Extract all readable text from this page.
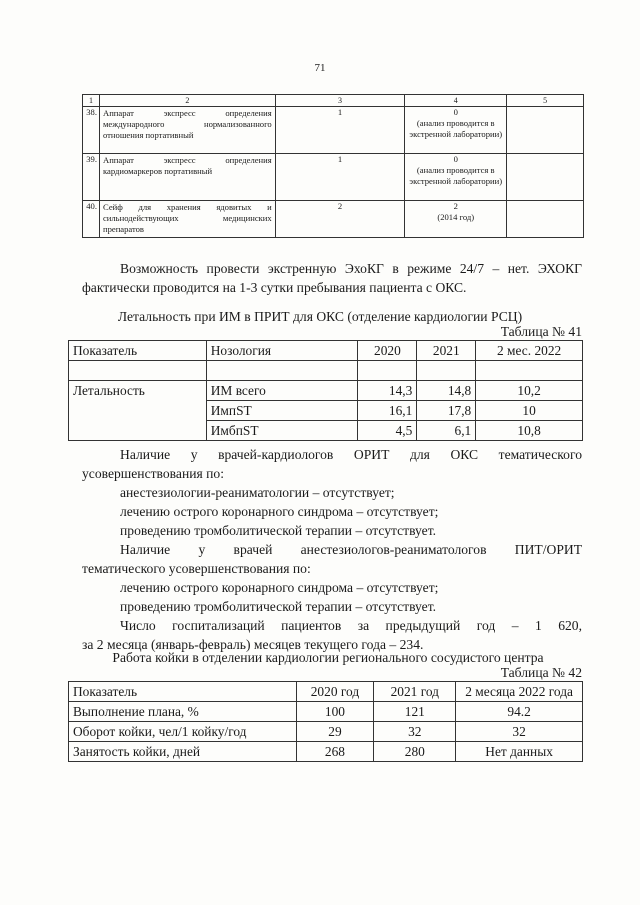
71
1	2	3	4	5
38.	Аппарат экспресс определения международного нормализованного отношения портативный	1	0
(анализ проводится в экстренной лаборатории)	

39.	Аппарат экспресс определения кардиомаркеров портативный	1	0
(анализ проводится в экстренной лаборатории)	

40.	Сейф для хранения ядовитых и сильнодействующих медицинских препаратов	2	2
(2014 год)	

Возможность провести экстренную ЭхоКГ в режиме 24/7 – нет. ЭХОКГ
фактически проводится на 1-3 сутки пребывания пациента с ОКС.
Летальность при ИМ в ПРИТ для ОКС (отделение кардиологии РСЦ)
Таблица № 41
Показатель	Нозология	2020	2021	2 мес. 2022

Летальность	ИМ всего	14,3	14,8	10,2
	ИмпST	16,1	17,8	10
	ИмбпST	4,5	6,1	10,8
Наличие у врачей-кардиологов ОРИТ для ОКС тематического
усовершенствования по:
анестезиологии-реаниматологии – отсутствует;
лечению острого коронарного синдрома – отсутствует;
проведению тромболитической терапии – отсутствует.
Наличие у врачей анестезиологов-реаниматологов ПИТ/ОРИТ
тематического усовершенствования по:
лечению острого коронарного синдрома – отсутствует;
проведению тромболитической терапии – отсутствует.
Число госпитализаций пациентов за предыдущий год – 1 620,
за 2 месяца (январь-февраль) месяцев текущего года – 234.
Работа койки в отделении кардиологии регионального сосудистого центра
Таблица № 42
Показатель	2020 год	2021 год	2 месяца 2022 года
Выполнение плана, %	100	121	94.2
Оборот койки, чел/1 койку/год	29	32	32
Занятость койки, дней	268	280	Нет данных
